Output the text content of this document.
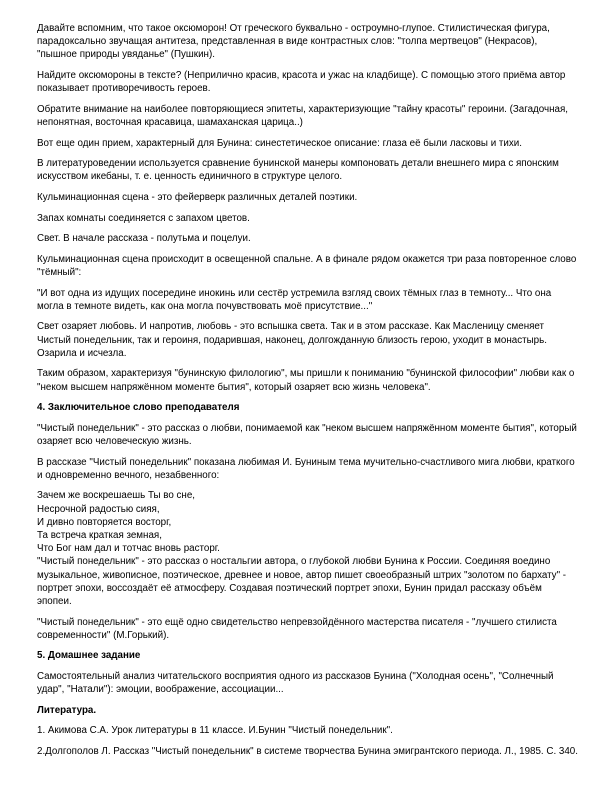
Давайте вспомним, что такое оксюморон! От греческого буквально - остроумно-глупое. Стилистическая фигура, парадоксально звучащая антитеза, представленная в виде контрастных слов: "толпа мертвецов" (Некрасов), "пышное природы увяданье" (Пушкин).

Найдите оксюмороны в тексте? (Неприлично красив, красота и ужас на кладбище). С помощью этого приёма автор показывает противоречивость героев.

Обратите внимание на наиболее повторяющиеся эпитеты, характеризующие "тайну красоты" героини. (Загадочная, непонятная, восточная красавица, шамаханская царица..)

Вот еще один прием, характерный для Бунина: синестетическое описание: глаза её были ласковы и тихи.

В литературоведении используется сравнение бунинской манеры компоновать детали внешнего мира с японским искусством икебаны, т. е. ценность единичного в структуре целого.

Кульминационная сцена - это фейерверк различных деталей поэтики.

Запах комнаты соединяется с запахом цветов.

Свет. В начале рассказа - полутьма и поцелуи.

Кульминационная сцена происходит в освещенной спальне. А в финале рядом окажется три раза повторенное слово "тёмный":

"И вот одна из идущих посередине инокинь или сестёр устремила взгляд своих тёмных глаз в темноту... Что она могла в темноте видеть, как она могла почувствовать моё присутствие..."

Свет озаряет любовь. И напротив, любовь - это вспышка света. Так и в этом рассказе. Как Масленицу сменяет Чистый понедельник, так и героиня, подарившая, наконец, долгожданную близость герою, уходит в монастырь. Озарила и исчезла.

Таким образом, характеризуя "бунинскую филологию", мы пришли к пониманию "бунинской философии" любви как о "неком высшем напряжённом моменте бытия", который озаряет всю жизнь человека".

4. Заключительное слово преподавателя

"Чистый понедельник" - это рассказ о любви, понимаемой как "неком высшем напряжённом моменте бытия", который озаряет всю человеческую жизнь.

В рассказе "Чистый понедельник" показана любимая И. Буниным тема мучительно-счастливого мига любви, краткого и одновременно вечного, незабвенного:

Зачем же воскрешаешь Ты во сне,
Несрочной радостью сияя,
И дивно повторяется восторг,
Та встреча краткая земная,
Что Бог нам дал и тотчас вновь расторг.

"Чистый понедельник" - это рассказ о ностальгии автора, о глубокой любви Бунина к России. Соединяя воедино музыкальное, живописное, поэтическое, древнее и новое, автор пишет своеобразный штрих "золотом по бархату" - портрет эпохи, воссоздаёт её атмосферу. Создавая поэтический портрет эпохи, Бунин придал рассказу объём эпопеи.

"Чистый понедельник" - это ещё одно свидетельство непревзойдённого мастерства писателя - "лучшего стилиста современности" (М.Горький).

5. Домашнее задание

Самостоятельный анализ читательского восприятия одного из рассказов Бунина ("Холодная осень", "Солнечный удар", "Натали"): эмоции, воображение, ассоциации...

Литература.

1. Акимова С.А. Урок литературы в 11 классе. И.Бунин "Чистый понедельник".

2.Долгополов Л. Рассказ "Чистый понедельник" в системе творчества Бунина эмигрантского периода. Л., 1985. С. 340.
